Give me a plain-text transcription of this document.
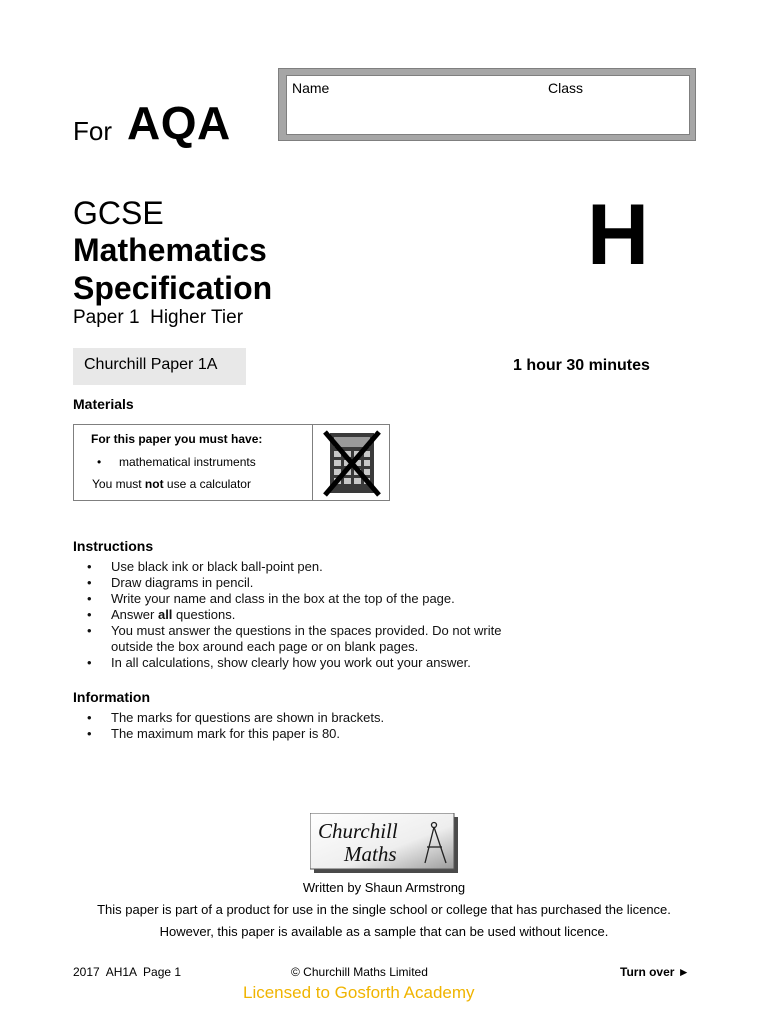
Name	Class
For AQA
GCSE
Mathematics
Specification
Paper 1  Higher Tier
H
Churchill Paper 1A	1 hour 30 minutes
Materials
For this paper you must have:
• mathematical instruments
You must not use a calculator
Instructions
• Use black ink or black ball-point pen.
• Draw diagrams in pencil.
• Write your name and class in the box at the top of the page.
• Answer all questions.
• You must answer the questions in the spaces provided. Do not write outside the box around each page or on blank pages.
• In all calculations, show clearly how you work out your answer.
Information
• The marks for questions are shown in brackets.
• The maximum mark for this paper is 80.
Churchill
Maths
Written by Shaun Armstrong
This paper is part of a product for use in the single school or college that has purchased the licence.
However, this paper is available as a sample that can be used without licence.
2017  AH1A  Page 1	© Churchill Maths Limited	Turn over ►
Licensed to Gosforth Academy
